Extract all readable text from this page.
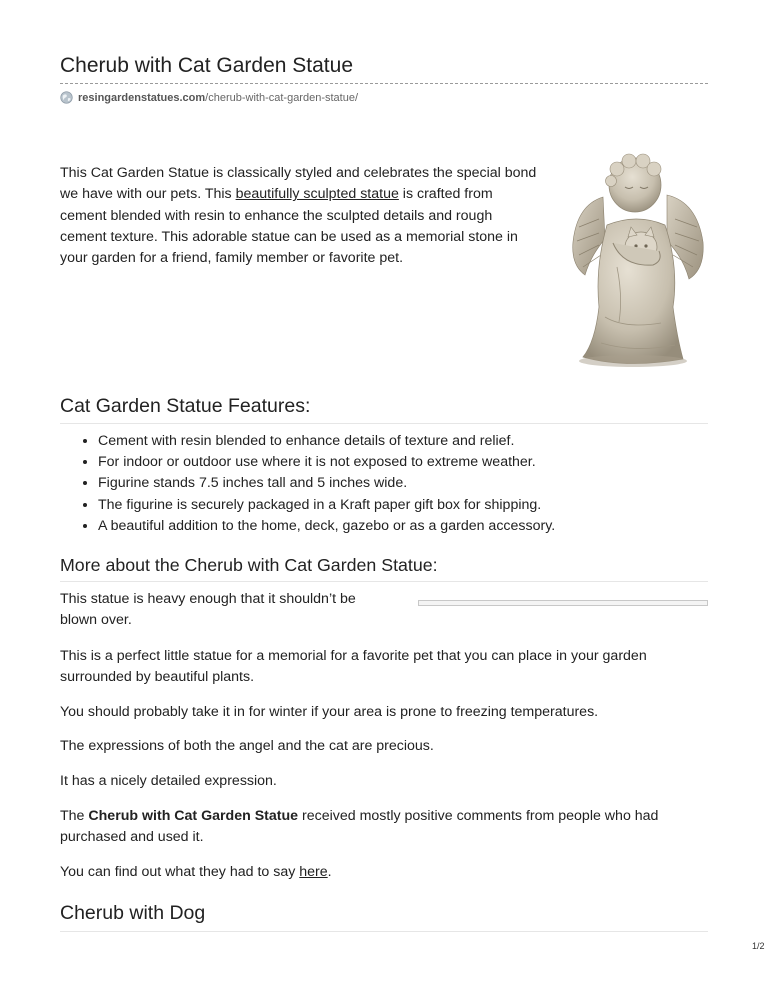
Cherub with Cat Garden Statue
resingardenstatues.com /cherub-with-cat-garden-statue/
This Cat Garden Statue is classically styled and celebrates the special bond we have with our pets. This beautifully sculpted statue is crafted from cement blended with resin to enhance the sculpted details and rough cement texture. This adorable statue can be used as a memorial stone in your garden for a friend, family member or favorite pet.
Cat Garden Statue Features:
• Cement with resin blended to enhance details of texture and relief.
• For indoor or outdoor use where it is not exposed to extreme weather.
• Figurine stands 7.5 inches tall and 5 inches wide.
• The figurine is securely packaged in a Kraft paper gift box for shipping.
• A beautiful addition to the home, deck, gazebo or as a garden accessory.
More about the Cherub with Cat Garden Statue:
This statue is heavy enough that it shouldn’t be blown over.

This is a perfect little statue for a memorial for a favorite pet that you can place in your garden surrounded by beautiful plants.

You should probably take it in for winter if your area is prone to freezing temperatures.

The expressions of both the angel and the cat are precious.

It has a nicely detailed expression.

The Cherub with Cat Garden Statue received mostly positive comments from people who had purchased and used it.

You can find out what they had to say here.

Cherub with Dog
1/2
